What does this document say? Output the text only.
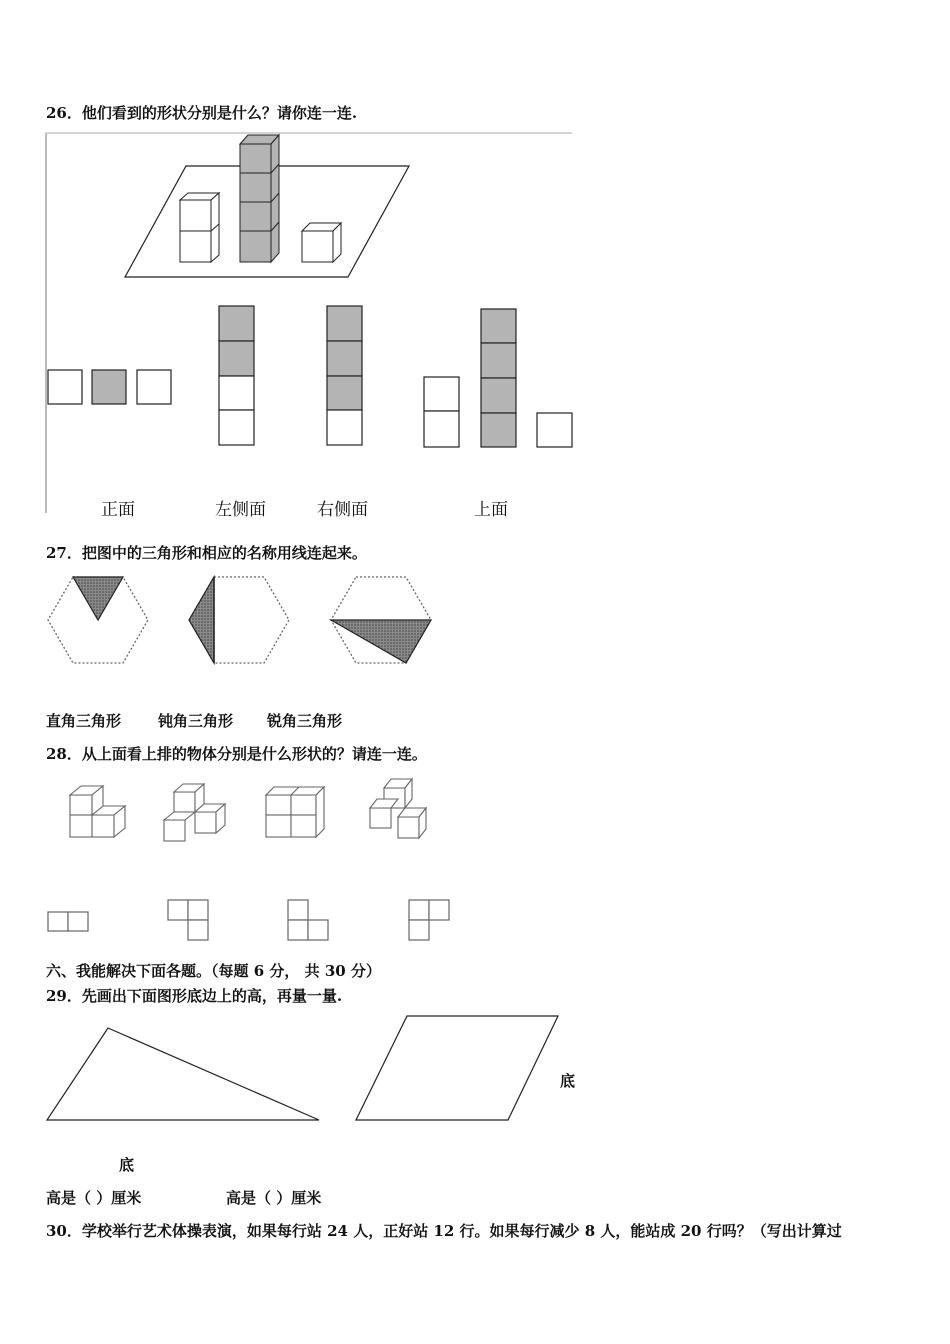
26．他们看到的形状分别是什么？请你连一连.
正面	左侧面	右侧面	上面
27．把图中的三角形和相应的名称用线连起来。
直角三角形 钝角三角形 锐角三角形
28．从上面看上排的物体分别是什么形状的？请连一连。
六、我能解决下面各题。（每题 6 分， 共 30 分）
29．先画出下面图形底边上的高，再量一量.
底
底
高是（ ）厘米	高是（ ）厘米
30．学校举行艺术体操表演，如果每行站 24 人，正好站 12 行。如果每行减少 8 人，能站成 20 行吗？（写出计算过
